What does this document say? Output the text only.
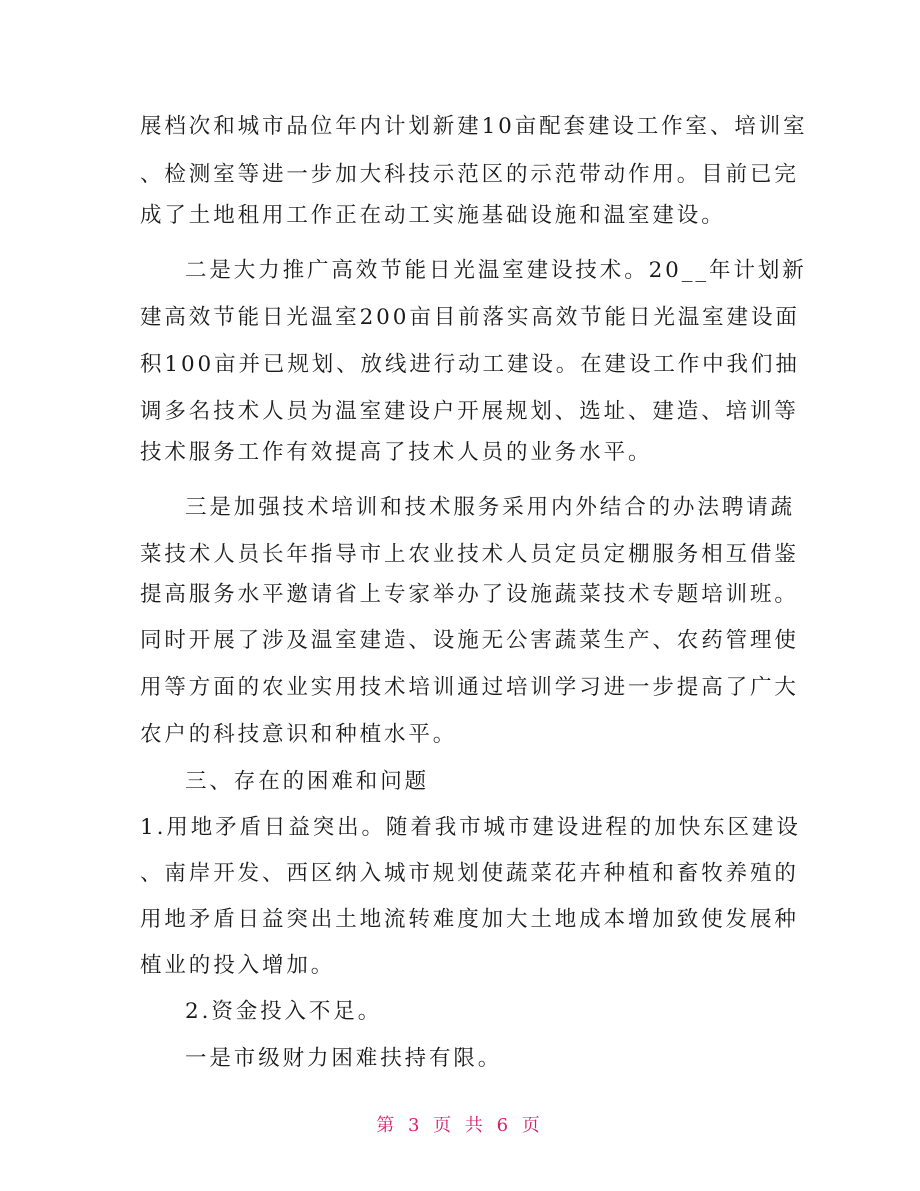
展档次和城市品位年内计划新建10亩配套建设工作室、培训室
、检测室等进一步加大科技示范区的示范带动作用。目前已完
成了土地租用工作正在动工实施基础设施和温室建设。
二是大力推广高效节能日光温室建设技术。20__年计划新
建高效节能日光温室200亩目前落实高效节能日光温室建设面
积100亩并已规划、放线进行动工建设。在建设工作中我们抽
调多名技术人员为温室建设户开展规划、选址、建造、培训等
技术服务工作有效提高了技术人员的业务水平。
三是加强技术培训和技术服务采用内外结合的办法聘请蔬
菜技术人员长年指导市上农业技术人员定员定棚服务相互借鉴
提高服务水平邀请省上专家举办了设施蔬菜技术专题培训班。
同时开展了涉及温室建造、设施无公害蔬菜生产、农药管理使
用等方面的农业实用技术培训通过培训学习进一步提高了广大
农户的科技意识和种植水平。
三、存在的困难和问题
1.用地矛盾日益突出。随着我市城市建设进程的加快东区建设
、南岸开发、西区纳入城市规划使蔬菜花卉种植和畜牧养殖的
用地矛盾日益突出土地流转难度加大土地成本增加致使发展种
植业的投入增加。
2.资金投入不足。
一是市级财力困难扶持有限。
第 3 页 共 6 页
